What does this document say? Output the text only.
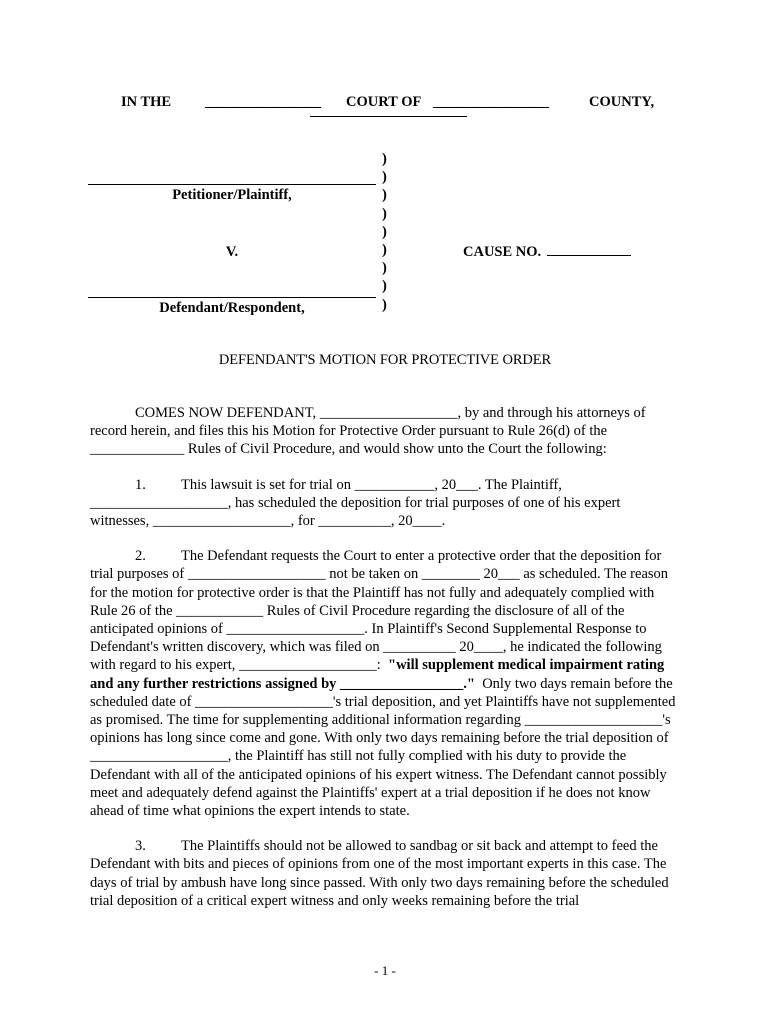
IN THE ________________ COURT OF ________________	COUNTY,
)
)
)
)
)
)
)
)
)
Petitioner/Plaintiff,
V.
Defendant/Respondent,
CAUSE NO.
DEFENDANT'S MOTION FOR PROTECTIVE ORDER

COMES NOW DEFENDANT, ___________________, by and through his attorneys of record herein, and files this his Motion for Protective Order pursuant to Rule 26(d) of the _____________ Rules of Civil Procedure, and would show unto the Court the following:

1. This lawsuit is set for trial on ___________, 20___. The Plaintiff, ___________________, has scheduled the deposition for trial purposes of one of his expert witnesses, ___________________, for __________, 20____.

2. The Defendant requests the Court to enter a protective order that the deposition for trial purposes of ___________________ not be taken on ________ 20___ as scheduled. The reason for the motion for protective order is that the Plaintiff has not fully and adequately complied with Rule 26 of the ____________ Rules of Civil Procedure regarding the disclosure of all of the anticipated opinions of ___________________. In Plaintiff's Second Supplemental Response to Defendant's written discovery, which was filed on __________ 20____, he indicated the following with regard to his expert, ___________________: "will supplement medical impairment rating and any further restrictions assigned by _________________." Only two days remain before the scheduled date of ___________________'s trial deposition, and yet Plaintiffs have not supplemented as promised. The time for supplementing additional information regarding ___________________'s opinions has long since come and gone. With only two days remaining before the trial deposition of ___________________, the Plaintiff has still not fully complied with his duty to provide the Defendant with all of the anticipated opinions of his expert witness. The Defendant cannot possibly meet and adequately defend against the Plaintiffs' expert at a trial deposition if he does not know ahead of time what opinions the expert intends to state.

3. The Plaintiffs should not be allowed to sandbag or sit back and attempt to feed the Defendant with bits and pieces of opinions from one of the most important experts in this case. The days of trial by ambush have long since passed. With only two days remaining before the scheduled trial deposition of a critical expert witness and only weeks remaining before the trial

- 1 -
